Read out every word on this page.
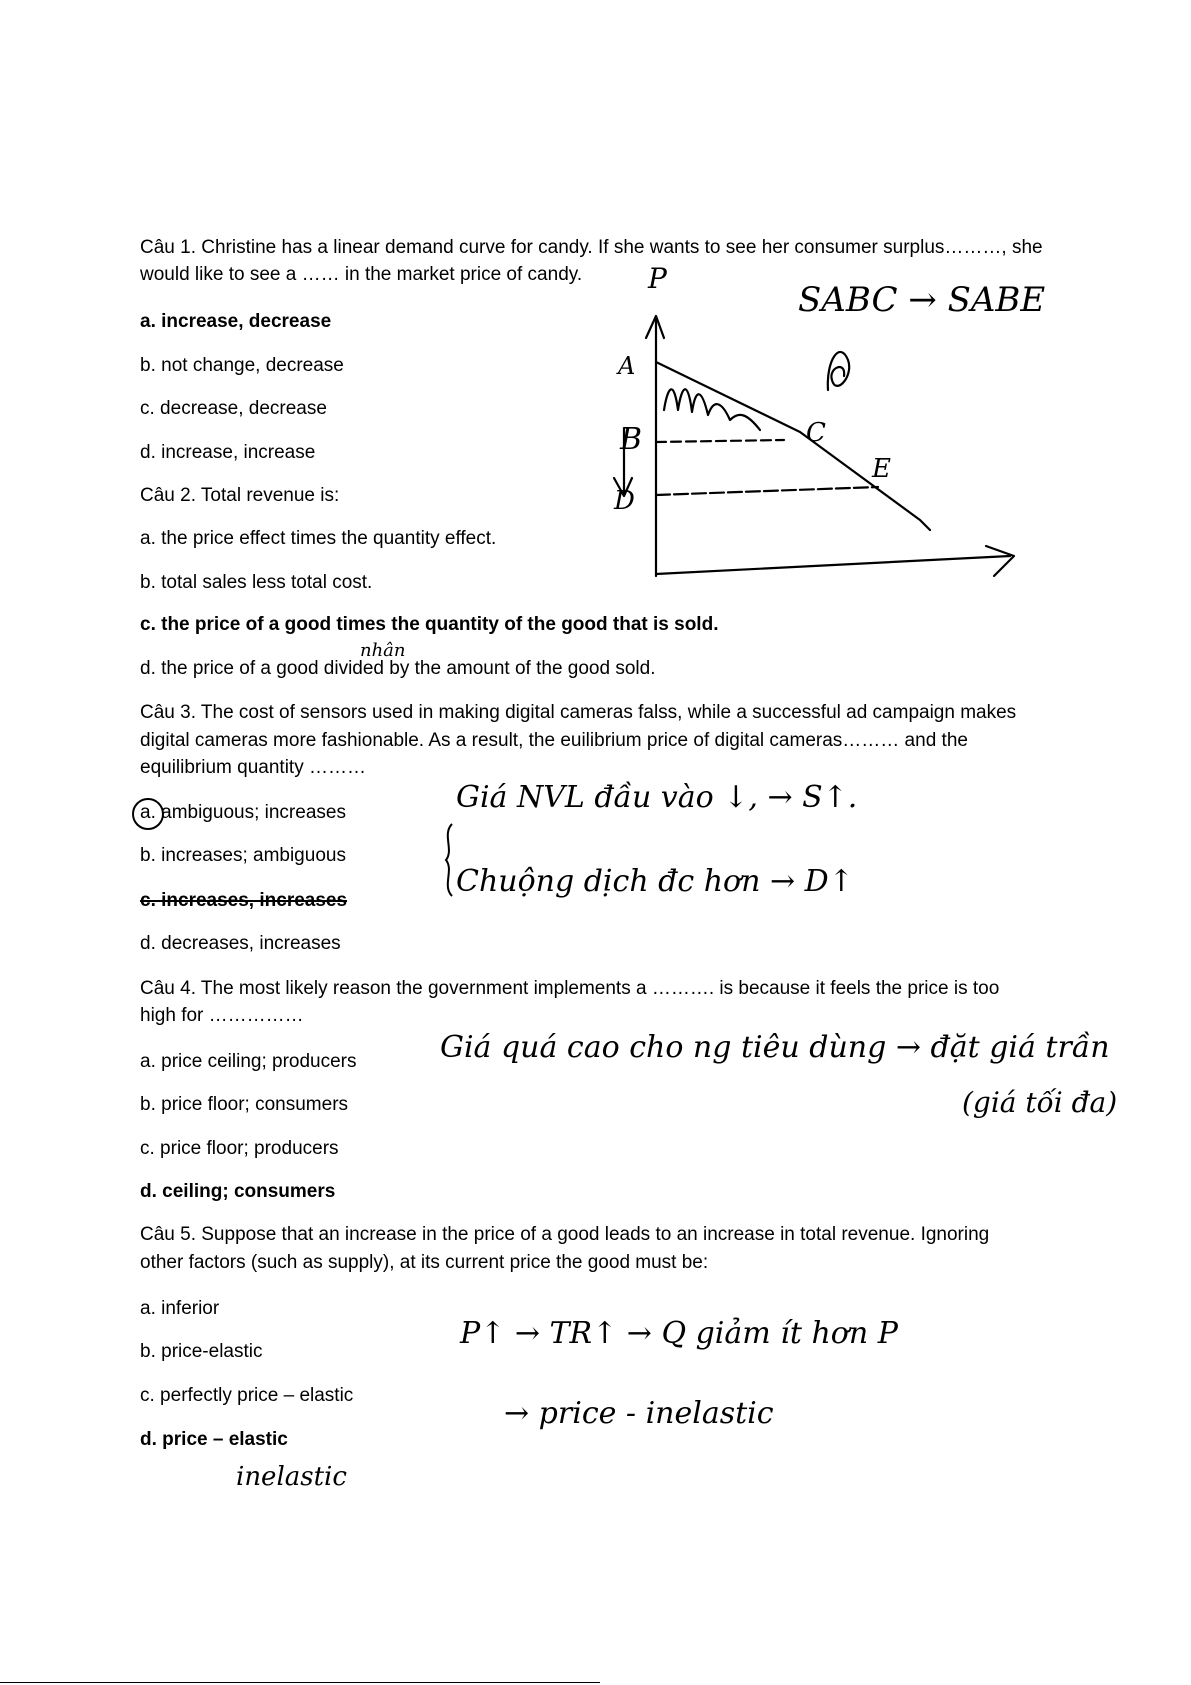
Câu 1. Christine has a linear demand curve for candy. If she wants to see her consumer surplus………, she
would like to see a …… in the market price of candy.
a. increase, decrease
b. not change, decrease
c. decrease, decrease
d. increase, increase
Câu 2. Total revenue is:
a. the price effect times the quantity effect.
b. total sales less total cost.
c. the price of a good times the quantity of the good that is sold.
d. the price of a good divided by the amount of the good sold.
Câu 3. The cost of sensors used in making digital cameras falss, while a successful ad campaign makes
digital cameras more fashionable. As a result, the euilibrium price of digital cameras……… and the
equilibrium quantity ………
a. ambiguous; increases
b. increases; ambiguous
c. increases, increases
d. decreases, increases
Câu 4. The most likely reason the government implements a ………. is because it feels the price is too
high for ……………
a. price ceiling; producers
b. price floor; consumers
c. price floor; producers
d. ceiling; consumers
Câu 5. Suppose that an increase in the price of a good leads to an increase in total revenue. Ignoring
other factors (such as supply), at its current price the good must be:
a. inferior
b. price-elastic
c. perfectly price – elastic
d. price – elastic
P
SABC → SABE
A
B
D
C
E
nhân
Giá NVL đầu vào ↓, → S↑.
Chuộng dịch đc hơn → D↑
Giá quá cao cho ng tiêu dùng → đặt giá trần
(giá tối đa)
P↑ → TR↑ → Q giảm ít hơn P
→ price - inelastic
inelastic
